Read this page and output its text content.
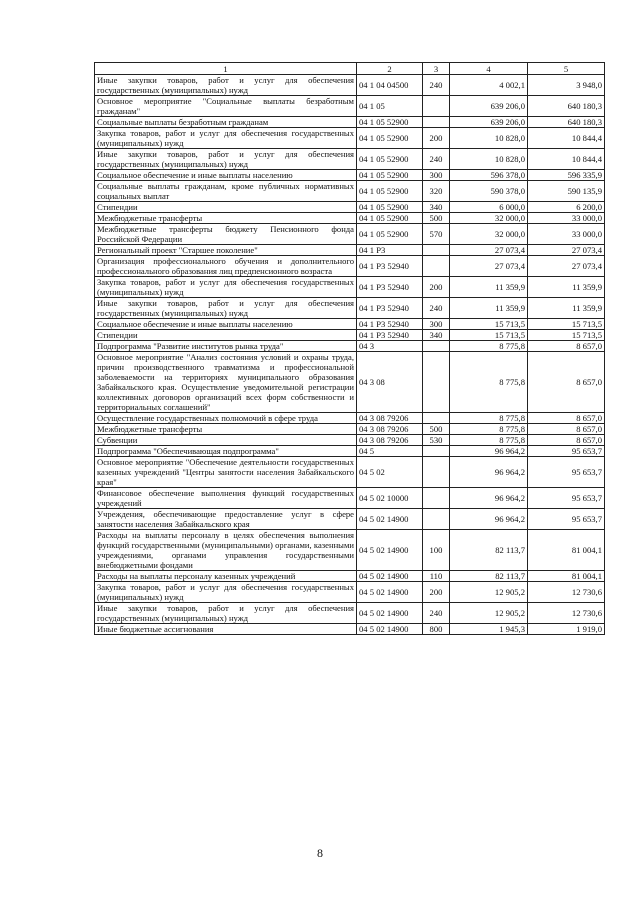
1	2	3	4	5
Иные закупки товаров, работ и услуг для обеспечения государственных (муниципальных) нужд	04 1 04 04500	240	4 002,1	3 948,0
Основное мероприятие "Социальные выплаты безработным гражданам"	04 1 05		639 206,0	640 180,3
Социальные выплаты безработным гражданам	04 1 05 52900		639 206,0	640 180,3
Закупка товаров, работ и услуг для обеспечения государственных (муниципальных) нужд	04 1 05 52900	200	10 828,0	10 844,4
Иные закупки товаров, работ и услуг для обеспечения государственных (муниципальных) нужд	04 1 05 52900	240	10 828,0	10 844,4
Социальное обеспечение и иные выплаты населению	04 1 05 52900	300	596 378,0	596 335,9
Социальные выплаты гражданам, кроме публичных нормативных социальных выплат	04 1 05 52900	320	590 378,0	590 135,9
Стипендии	04 1 05 52900	340	6 000,0	6 200,0
Межбюджетные трансферты	04 1 05 52900	500	32 000,0	33 000,0
Межбюджетные трансферты бюджету Пенсионного фонда Российской Федерации	04 1 05 52900	570	32 000,0	33 000,0
Региональный проект "Старшее поколение"	04 1 P3		27 073,4	27 073,4
Организация профессионального обучения и дополнительного профессионального образования лиц предпенсионного возраста	04 1 P3 52940		27 073,4	27 073,4
Закупка товаров, работ и услуг для обеспечения государственных (муниципальных) нужд	04 1 P3 52940	200	11 359,9	11 359,9
Иные закупки товаров, работ и услуг для обеспечения государственных (муниципальных) нужд	04 1 P3 52940	240	11 359,9	11 359,9
Социальное обеспечение и иные выплаты населению	04 1 P3 52940	300	15 713,5	15 713,5
Стипендии	04 1 P3 52940	340	15 713,5	15 713,5
Подпрограмма "Развитие институтов рынка труда"	04 3		8 775,8	8 657,0
Основное мероприятие "Анализ состояния условий и охраны труда, причин производственного травматизма и профессиональной заболеваемости на территориях муниципального образования Забайкальского края. Осуществление уведомительной регистрации коллективных договоров организаций всех форм собственности и территориальных соглашений"	04 3 08		8 775,8	8 657,0
Осуществление государственных полномочий в сфере труда	04 3 08 79206		8 775,8	8 657,0
Межбюджетные трансферты	04 3 08 79206	500	8 775,8	8 657,0
Субвенции	04 3 08 79206	530	8 775,8	8 657,0
Подпрограмма "Обеспечивающая подпрограмма"	04 5		96 964,2	95 653,7
Основное мероприятие "Обеспечение деятельности государственных казенных учреждений "Центры занятости населения Забайкальского края"	04 5 02		96 964,2	95 653,7
Финансовое обеспечение выполнения функций государственных учреждений	04 5 02 10000		96 964,2	95 653,7
Учреждения, обеспечивающие предоставление услуг в сфере занятости населения Забайкальского края	04 5 02 14900		96 964,2	95 653,7
Расходы на выплаты персоналу в целях обеспечения выполнения функций государственными (муниципальными) органами, казенными учреждениями, органами управления государственными внебюджетными фондами	04 5 02 14900	100	82 113,7	81 004,1
Расходы на выплаты персоналу казенных учреждений	04 5 02 14900	110	82 113,7	81 004,1
Закупка товаров, работ и услуг для обеспечения государственных (муниципальных) нужд	04 5 02 14900	200	12 905,2	12 730,6
Иные закупки товаров, работ и услуг для обеспечения государственных (муниципальных) нужд	04 5 02 14900	240	12 905,2	12 730,6
Иные бюджетные ассигнования	04 5 02 14900	800	1 945,3	1 919,0
8
